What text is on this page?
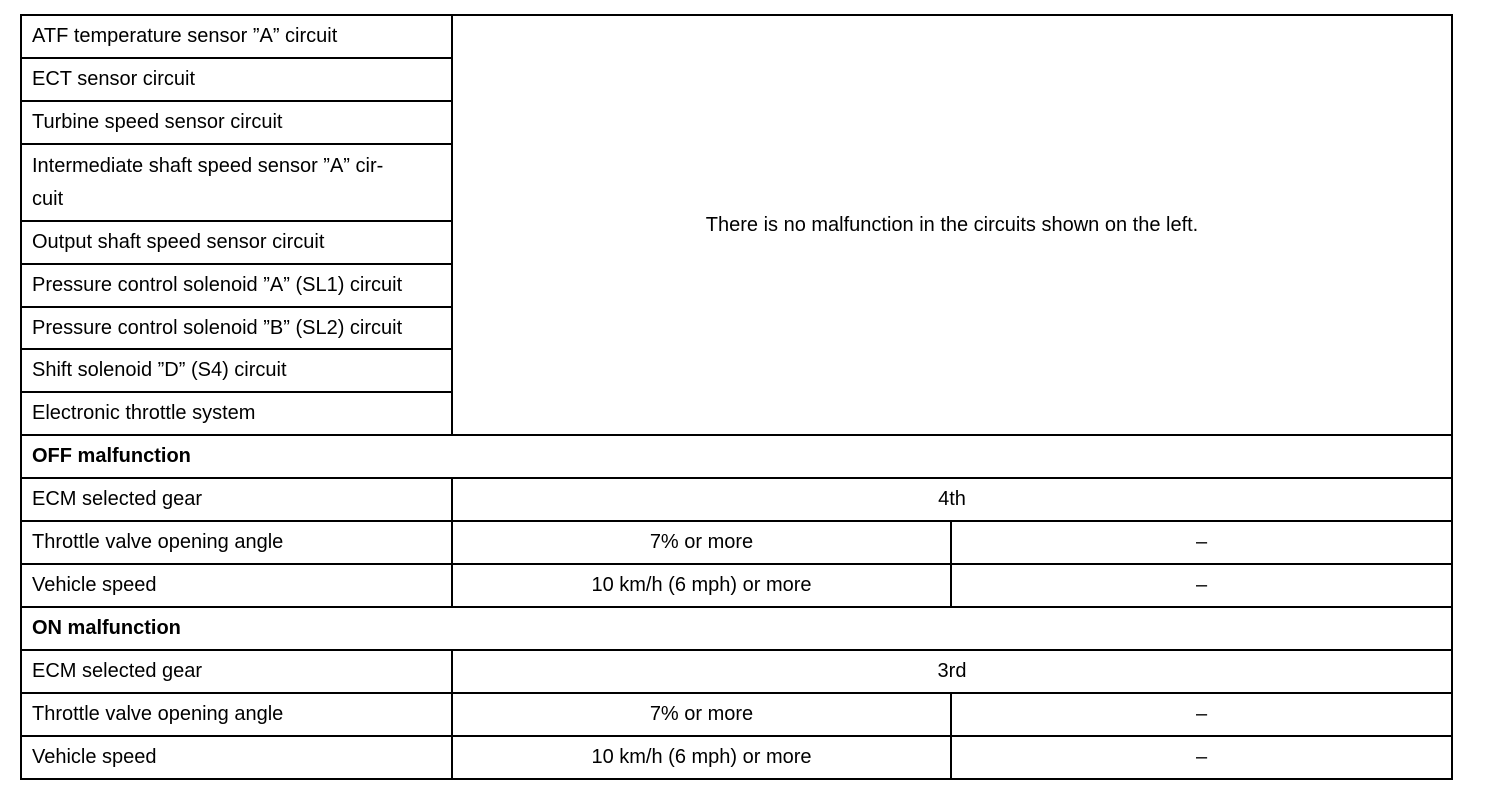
ATF temperature sensor ”A” circuit	There is no malfunction in the circuits shown on the left.	
ECT sensor circuit		
Turbine speed sensor circuit		

Intermediate shaft speed sensor ”A” cir-
cuit		

Output shaft speed sensor circuit		
Pressure control solenoid ”A” (SL1) circuit		
Pressure control solenoid ”B” (SL2) circuit		
Shift solenoid ”D” (S4) circuit		
Electronic throttle system		
OFF malfunction		
ECM selected gear	4th	
Throttle valve opening angle	7% or more	–
Vehicle speed	10 km/h (6 mph) or more	–
ON malfunction		
ECM selected gear	3rd	
Throttle valve opening angle	7% or more	–
Vehicle speed	10 km/h (6 mph) or more	–
